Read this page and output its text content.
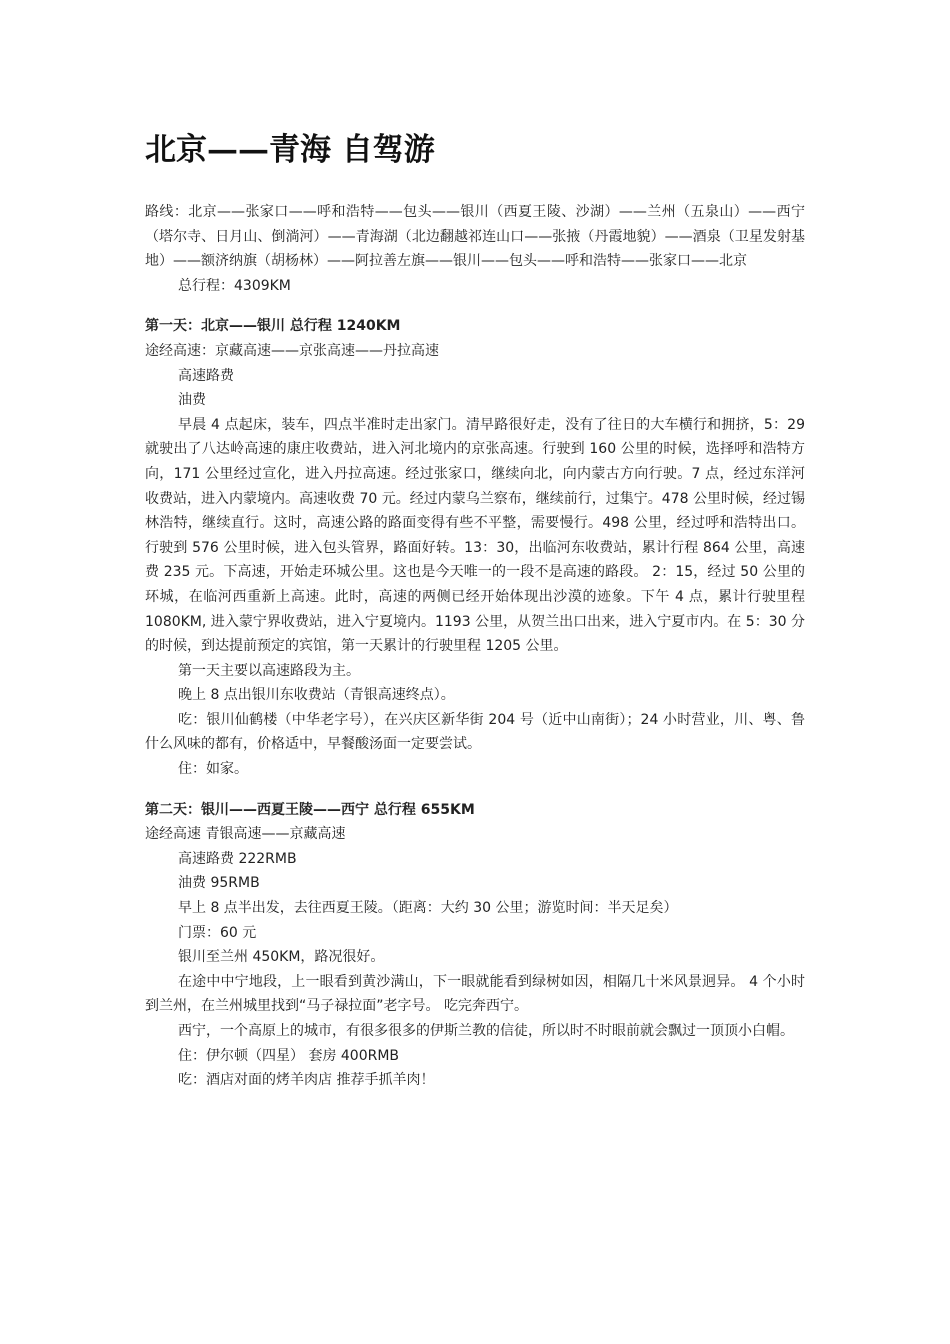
北京——青海 自驾游

路线：北京——张家口——呼和浩特——包头——银川（西夏王陵、沙湖）——兰州（五泉山）——西宁（塔尔寺、日月山、倒淌河）——青海湖（北边翻越祁连山口——张掖（丹霞地貌）——酒泉（卫星发射基地）——额济纳旗（胡杨林）——阿拉善左旗——银川——包头——呼和浩特——张家口——北京

总行程：4309KM

第一天：北京——银川 总行程 1240KM

途经高速：京藏高速——京张高速——丹拉高速

高速路费

油费

早晨 4 点起床，装车，四点半准时走出家门。清早路很好走，没有了往日的大车横行和拥挤，5：29 就驶出了八达岭高速的康庄收费站，进入河北境内的京张高速。行驶到 160 公里的时候，选择呼和浩特方向，171 公里经过宣化，进入丹拉高速。经过张家口，继续向北，向内蒙古方向行驶。7 点，经过东洋河收费站，进入内蒙境内。高速收费 70 元。经过内蒙乌兰察布，继续前行，过集宁。478 公里时候，经过锡林浩特，继续直行。这时，高速公路的路面变得有些不平整，需要慢行。498 公里，经过呼和浩特出口。行驶到 576 公里时候，进入包头管界，路面好转。13：30，出临河东收费站，累计行程 864 公里，高速费 235 元。下高速，开始走环城公里。这也是今天唯一的一段不是高速的路段。 2：15，经过 50 公里的环城，在临河西重新上高速。此时，高速的两侧已经开始体现出沙漠的迹象。下午 4 点，累计行驶里程 1080KM, 进入蒙宁界收费站，进入宁夏境内。1193 公里，从贺兰出口出来，进入宁夏市内。在 5：30 分的时候，到达提前预定的宾馆，第一天累计的行驶里程 1205 公里。

第一天主要以高速路段为主。

晚上 8 点出银川东收费站（青银高速终点）。

吃：银川仙鹤楼（中华老字号），在兴庆区新华街 204 号（近中山南街）；24 小时营业，川、粤、鲁什么风味的都有，价格适中，早餐酸汤面一定要尝试。

住：如家。

第二天：银川——西夏王陵——西宁 总行程 655KM

途经高速 青银高速——京藏高速

高速路费 222RMB

油费 95RMB

早上 8 点半出发，去往西夏王陵。（距离：大约 30 公里；游览时间：半天足矣）

门票：60 元

银川至兰州 450KM，路况很好。

在途中中宁地段，上一眼看到黄沙满山，下一眼就能看到绿树如因，相隔几十米风景迥异。 4 个小时到兰州，在兰州城里找到“马子禄拉面”老字号。 吃完奔西宁。

西宁，一个高原上的城市，有很多很多的伊斯兰教的信徒，所以时不时眼前就会飘过一顶顶小白帽。

住：伊尔顿（四星） 套房 400RMB

吃：酒店对面的烤羊肉店 推荐手抓羊肉！
